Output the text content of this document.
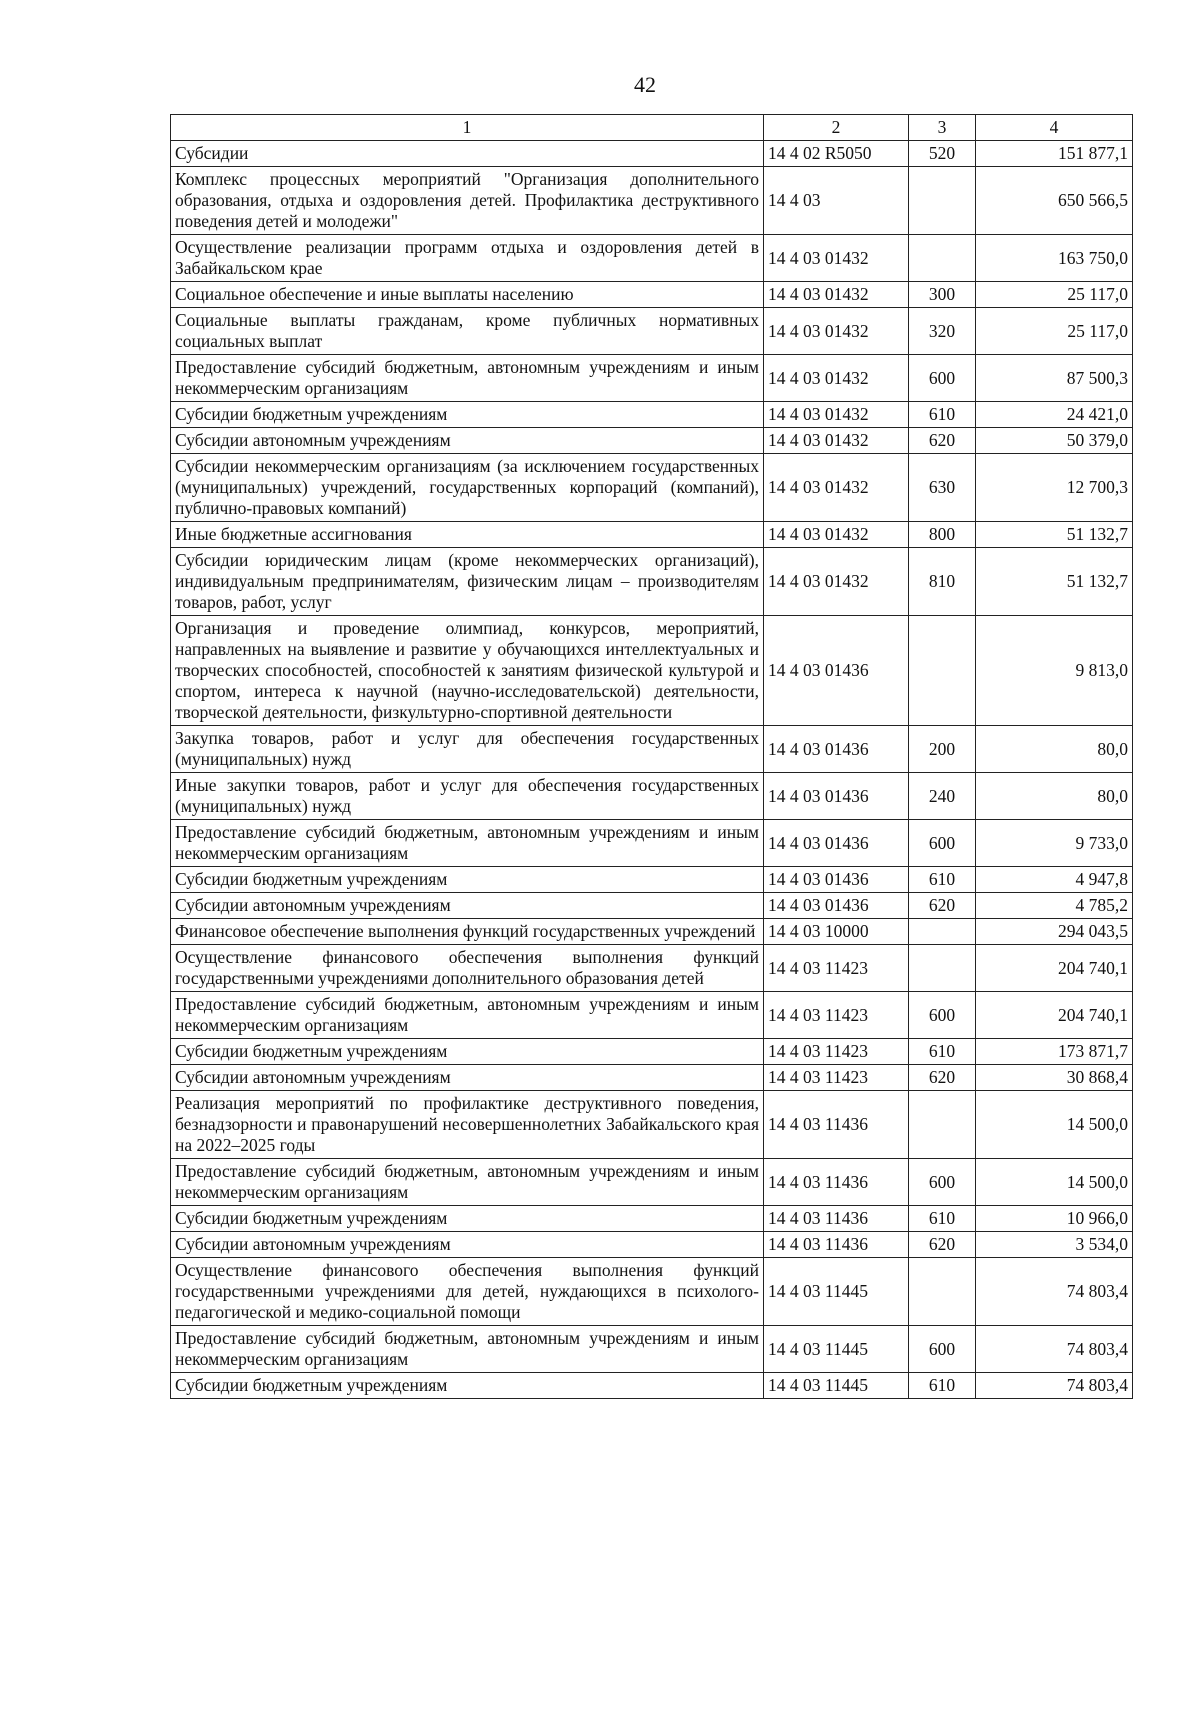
42
1	2	3	4
Субсидии	14 4 02 R5050	520	151 877,1
Комплекс процессных мероприятий "Организация дополнительного образования, отдыха и оздоровления детей. Профилактика деструктивного поведения детей и молодежи"	14 4 03		650 566,5
Осуществление реализации программ отдыха и оздоровления детей в Забайкальском крае	14 4 03 01432		163 750,0
Социальное обеспечение и иные выплаты населению	14 4 03 01432	300	25 117,0
Социальные выплаты гражданам, кроме публичных нормативных социальных выплат	14 4 03 01432	320	25 117,0
Предоставление субсидий бюджетным, автономным учреждениям и иным некоммерческим организациям	14 4 03 01432	600	87 500,3
Субсидии бюджетным учреждениям	14 4 03 01432	610	24 421,0
Субсидии автономным учреждениям	14 4 03 01432	620	50 379,0
Субсидии некоммерческим организациям (за исключением государственных (муниципальных) учреждений, государственных корпораций (компаний), публично-правовых компаний)	14 4 03 01432	630	12 700,3
Иные бюджетные ассигнования	14 4 03 01432	800	51 132,7
Субсидии юридическим лицам (кроме некоммерческих организаций), индивидуальным предпринимателям, физическим лицам – производителям товаров, работ, услуг	14 4 03 01432	810	51 132,7
Организация и проведение олимпиад, конкурсов, мероприятий, направленных на выявление и развитие у обучающихся интеллектуальных и творческих способностей, способностей к занятиям физической культурой и спортом, интереса к научной (научно-исследовательской) деятельности, творческой деятельности, физкультурно-спортивной деятельности	14 4 03 01436		9 813,0
Закупка товаров, работ и услуг для обеспечения государственных (муниципальных) нужд	14 4 03 01436	200	80,0
Иные закупки товаров, работ и услуг для обеспечения государственных (муниципальных) нужд	14 4 03 01436	240	80,0
Предоставление субсидий бюджетным, автономным учреждениям и иным некоммерческим организациям	14 4 03 01436	600	9 733,0
Субсидии бюджетным учреждениям	14 4 03 01436	610	4 947,8
Субсидии автономным учреждениям	14 4 03 01436	620	4 785,2
Финансовое обеспечение выполнения функций государственных учреждений	14 4 03 10000		294 043,5
Осуществление финансового обеспечения выполнения функций государственными учреждениями дополнительного образования детей	14 4 03 11423		204 740,1
Предоставление субсидий бюджетным, автономным учреждениям и иным некоммерческим организациям	14 4 03 11423	600	204 740,1
Субсидии бюджетным учреждениям	14 4 03 11423	610	173 871,7
Субсидии автономным учреждениям	14 4 03 11423	620	30 868,4
Реализация мероприятий по профилактике деструктивного поведения, безнадзорности и правонарушений несовершеннолетних Забайкальского края на 2022–2025 годы	14 4 03 11436		14 500,0
Предоставление субсидий бюджетным, автономным учреждениям и иным некоммерческим организациям	14 4 03 11436	600	14 500,0
Субсидии бюджетным учреждениям	14 4 03 11436	610	10 966,0
Субсидии автономным учреждениям	14 4 03 11436	620	3 534,0
Осуществление финансового обеспечения выполнения функций государственными учреждениями для детей, нуждающихся в психолого-педагогической и медико-социальной помощи	14 4 03 11445		74 803,4
Предоставление субсидий бюджетным, автономным учреждениям и иным некоммерческим организациям	14 4 03 11445	600	74 803,4
Субсидии бюджетным учреждениям	14 4 03 11445	610	74 803,4
